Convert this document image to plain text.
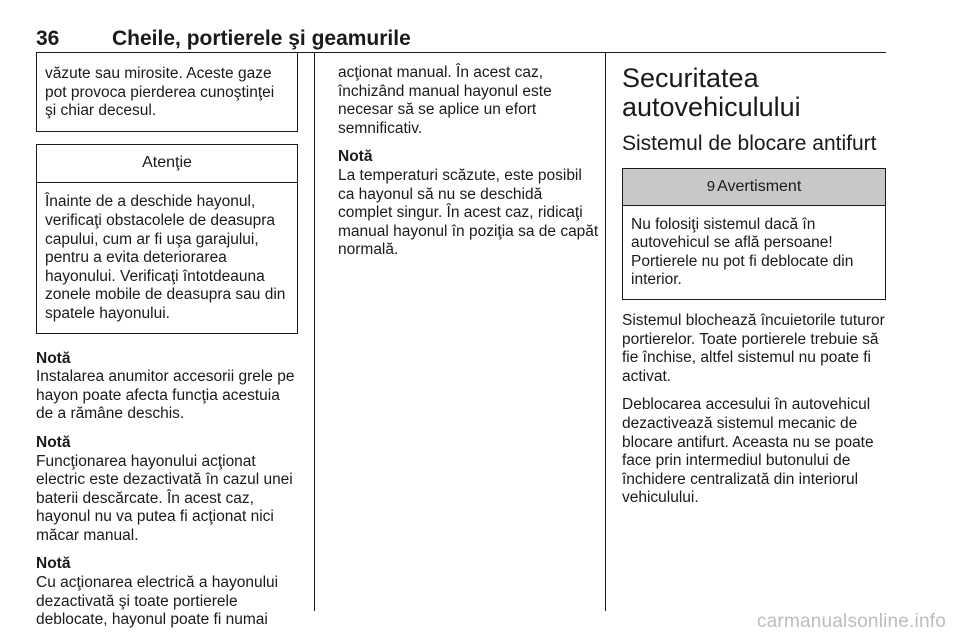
36	Cheile, portierele şi geamurile

văzute sau mirosite. Aceste gaze pot provoca pierderea cunoştinţei şi chiar decesul.

Atenţie

Înainte de a deschide hayonul, verificaţi obstacolele de deasupra capului, cum ar fi uşa garajului, pentru a evita deteriorarea hayonului. Verificaţi întotdeauna zonele mobile de deasupra sau din spatele hayonului.

Notă

Instalarea anumitor accesorii grele pe hayon poate afecta funcţia acestuia de a rămâne deschis.

Notă

Funcţionarea hayonului acţionat electric este dezactivată în cazul unei baterii descărcate. În acest caz, hayonul nu va putea fi acţionat nici măcar manual.

Notă

Cu acţionarea electrică a hayonului dezactivată şi toate portierele deblocate, hayonul poate fi numai

acţionat manual. În acest caz, închizând manual hayonul este necesar să se aplice un efort semnificativ.

Notă

La temperaturi scăzute, este posibil ca hayonul să nu se deschidă complet singur. În acest caz, ridicaţi manual hayonul în poziţia sa de capăt normală.

Securitatea autovehiculului
Sistemul de blocare antifurt
9 Avertisment

Nu folosiţi sistemul dacă în autovehicul se află persoane! Portierele nu pot fi deblocate din interior.

Sistemul blochează încuietorile tuturor portierelor. Toate portierele trebuie să fie închise, altfel sistemul nu poate fi activat.

Deblocarea accesului în autovehicul dezactivează sistemul mecanic de blocare antifurt. Aceasta nu se poate face prin intermediul butonului de închidere centralizată din interiorul vehiculului.

carmanualsonline.info
